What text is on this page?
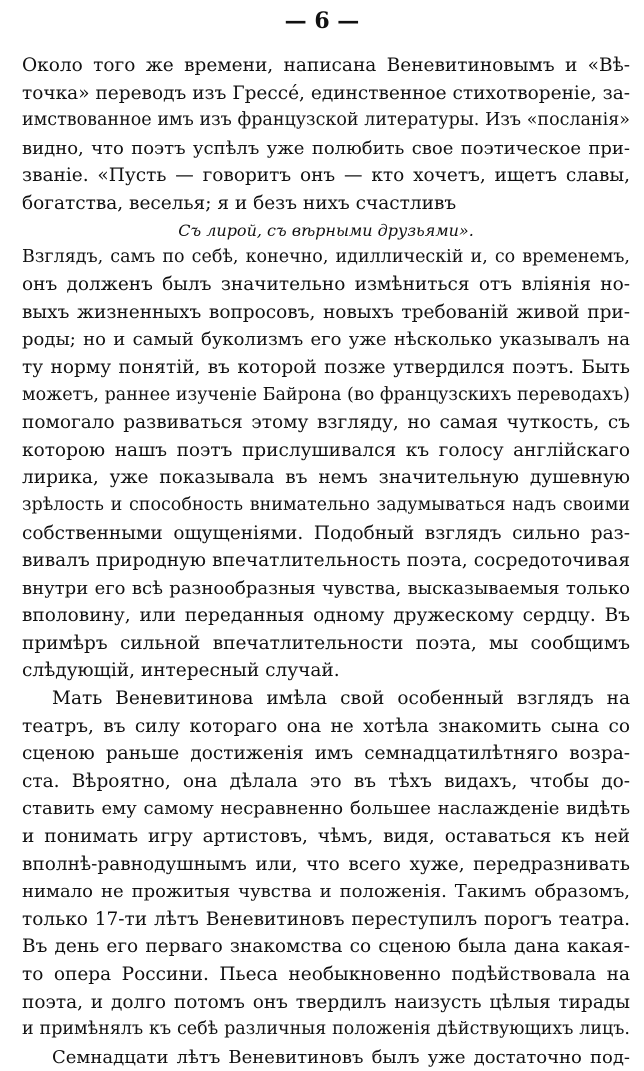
— 6 —
Около того же времени, написана Веневитиновымъ и «Вѣ-
точка» переводъ изъ Грессé, единственное стихотвореніе, за-
имствованное имъ изъ французской литературы. Изъ «посланія»
видно, что поэтъ успѣлъ уже полюбить свое поэтическое при-
званіе. «Пусть — говоритъ онъ — кто хочетъ, ищетъ славы,
богатства, веселья; я и безъ нихъ счастливъ
Съ лирой, съ вѣрными друзьями».
Взглядъ, самъ по себѣ, конечно, идиллическій и, со временемъ,
онъ долженъ былъ значительно измѣниться отъ вліянія но-
выхъ жизненныхъ вопросовъ, новыхъ требованій живой при-
роды; но и самый буколизмъ его уже нѣсколько указывалъ на
ту норму понятій, въ которой позже утвердился поэтъ. Быть
можетъ, раннее изученіе Байрона (во французскихъ переводахъ)
помогало развиваться этому взгляду, но самая чуткость, съ
которою нашъ поэтъ прислушивался къ голосу англійскаго
лирика, уже показывала въ немъ значительную душевную
зрѣлость и способность внимательно задумываться надъ своими
собственными ощущеніями. Подобный взглядъ сильно раз-
вивалъ природную впечатлительность поэта, сосредоточивая
внутри его всѣ разнообразныя чувства, высказываемыя только
вполовину, или переданныя одному дружескому сердцу. Въ
примѣръ сильной впечатлительности поэта, мы сообщимъ
слѣдующій, интересный случай.
Мать Веневитинова имѣла свой особенный взглядъ на
театръ, въ силу котораго она не хотѣла знакомить сына со
сценою раньше достиженія имъ семнадцатилѣтняго возра-
ста. Вѣроятно, она дѣлала это въ тѣхъ видахъ, чтобы до-
ставить ему самому несравненно большее наслажденіе видѣть
и понимать игру артистовъ, чѣмъ, видя, оставаться къ ней
вполнѣ-равнодушнымъ или, что всего хуже, передразнивать
нимало не прожитыя чувства и положенія. Такимъ образомъ,
только 17-ти лѣтъ Веневитиновъ переступилъ порогъ театра.
Въ день его перваго знакомства со сценою была дана какая-
то опера Россини. Пьеса необыкновенно подѣйствовала на
поэта, и долго потомъ онъ твердилъ наизусть цѣлыя тирады
и примѣнялъ къ себѣ различныя положенія дѣйствующихъ лицъ.
Семнадцати лѣтъ Веневитиновъ былъ уже достаточно под-
